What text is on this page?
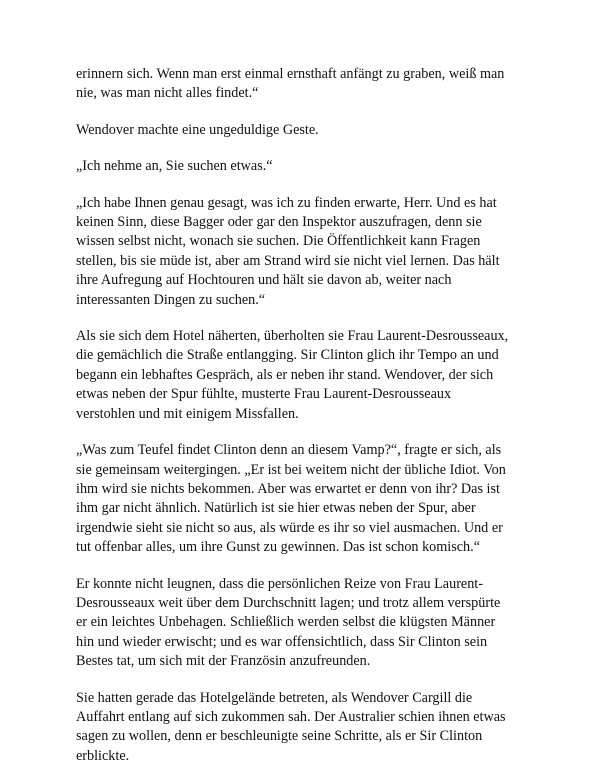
erinnern sich. Wenn man erst einmal ernsthaft anfängt zu graben, weiß man
nie, was man nicht alles findet.“

Wendover machte eine ungeduldige Geste.

„Ich nehme an, Sie suchen etwas.“

„Ich habe Ihnen genau gesagt, was ich zu finden erwarte, Herr. Und es hat
keinen Sinn, diese Bagger oder gar den Inspektor auszufragen, denn sie
wissen selbst nicht, wonach sie suchen. Die Öffentlichkeit kann Fragen
stellen, bis sie müde ist, aber am Strand wird sie nicht viel lernen. Das hält
ihre Aufregung auf Hochtouren und hält sie davon ab, weiter nach
interessanten Dingen zu suchen.“

Als sie sich dem Hotel näherten, überholten sie Frau Laurent-Desrousseaux,
die gemächlich die Straße entlangging. Sir Clinton glich ihr Tempo an und
begann ein lebhaftes Gespräch, als er neben ihr stand. Wendover, der sich
etwas neben der Spur fühlte, musterte Frau Laurent-Desrousseaux
verstohlen und mit einigem Missfallen.

„Was zum Teufel findet Clinton denn an diesem Vamp?“, fragte er sich, als
sie gemeinsam weitergingen. „Er ist bei weitem nicht der übliche Idiot. Von
ihm wird sie nichts bekommen. Aber was erwartet er denn von ihr? Das ist
ihm gar nicht ähnlich. Natürlich ist sie hier etwas neben der Spur, aber
irgendwie sieht sie nicht so aus, als würde es ihr so viel ausmachen. Und er
tut offenbar alles, um ihre Gunst zu gewinnen. Das ist schon komisch.“

Er konnte nicht leugnen, dass die persönlichen Reize von Frau Laurent-
Desrousseaux weit über dem Durchschnitt lagen; und trotz allem verspürte
er ein leichtes Unbehagen. Schließlich werden selbst die klügsten Männer
hin und wieder erwischt; und es war offensichtlich, dass Sir Clinton sein
Bestes tat, um sich mit der Französin anzufreunden.

Sie hatten gerade das Hotelgelände betreten, als Wendover Cargill die
Auffahrt entlang auf sich zukommen sah. Der Australier schien ihnen etwas
sagen zu wollen, denn er beschleunigte seine Schritte, als er Sir Clinton
erblickte.
